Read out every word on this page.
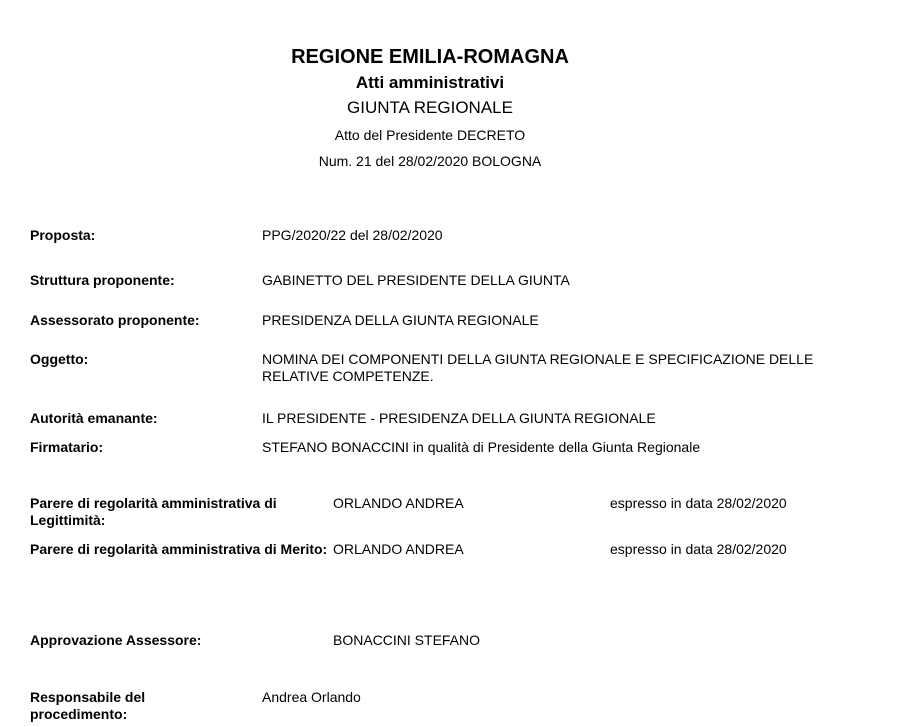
REGIONE EMILIA-ROMAGNA
Atti amministrativi
GIUNTA REGIONALE
Atto del Presidente DECRETO
Num. 21 del 28/02/2020 BOLOGNA
Proposta:	PPG/2020/22 del 28/02/2020
Struttura proponente:	GABINETTO DEL PRESIDENTE DELLA GIUNTA
Assessorato proponente:	PRESIDENZA DELLA GIUNTA REGIONALE
Oggetto:	NOMINA DEI COMPONENTI DELLA GIUNTA REGIONALE E SPECIFICAZIONE DELLE RELATIVE COMPETENZE.
Autorità emanante:	IL PRESIDENTE - PRESIDENZA DELLA GIUNTA REGIONALE
Firmatario:	STEFANO BONACCINI in qualità di Presidente della Giunta Regionale
Parere di regolarità amministrativa di Legittimità:
ORLANDO ANDREA	espresso in data 28/02/2020
Parere di regolarità amministrativa di Merito: ORLANDO ANDREA	espresso in data 28/02/2020
Approvazione Assessore:	BONACCINI STEFANO
Responsabile del procedimento:
Andrea Orlando
